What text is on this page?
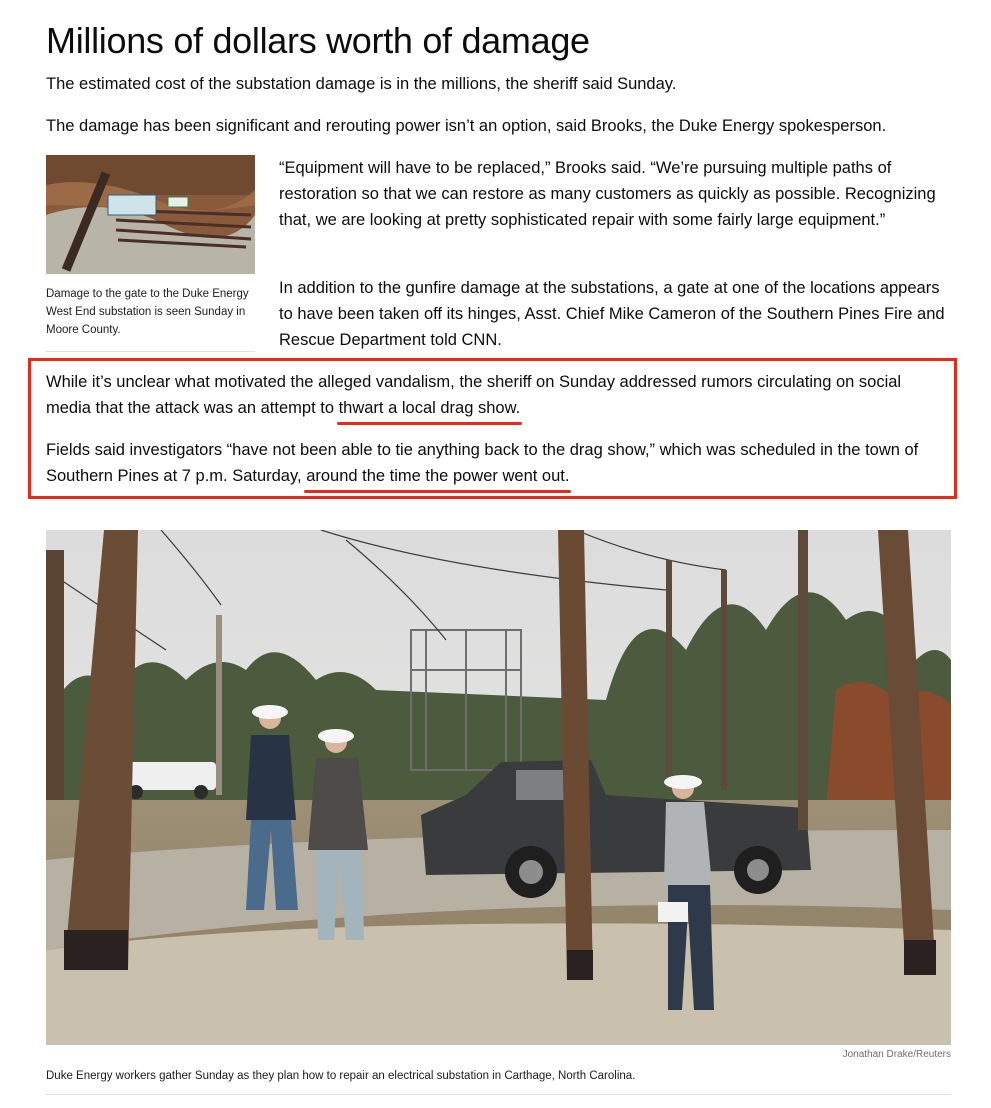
Millions of dollars worth of damage

The estimated cost of the substation damage is in the millions, the sheriff said Sunday.

The damage has been significant and rerouting power isn’t an option, said Brooks, the Duke Energy spokesperson.

Damage to the gate to the Duke Energy West End substation is seen Sunday in Moore County.

“Equipment will have to be replaced,” Brooks said. “We’re pursuing multiple paths of restoration so that we can restore as many customers as quickly as possible. Recognizing that, we are looking at pretty sophisticated repair with some fairly large equipment.”

In addition to the gunfire damage at the substations, a gate at one of the locations appears to have been taken off its hinges, Asst. Chief Mike Cameron of the Southern Pines Fire and Rescue Department told CNN.

While it’s unclear what motivated the alleged vandalism, the sheriff on Sunday addressed rumors circulating on social media that the attack was an attempt to thwart a local drag show.

Fields said investigators “have not been able to tie anything back to the drag show,” which was scheduled in the town of Southern Pines at 7 p.m. Saturday, around the time the power went out.

Jonathan Drake/Reuters

Duke Energy workers gather Sunday as they plan how to repair an electrical substation in Carthage, North Carolina.
